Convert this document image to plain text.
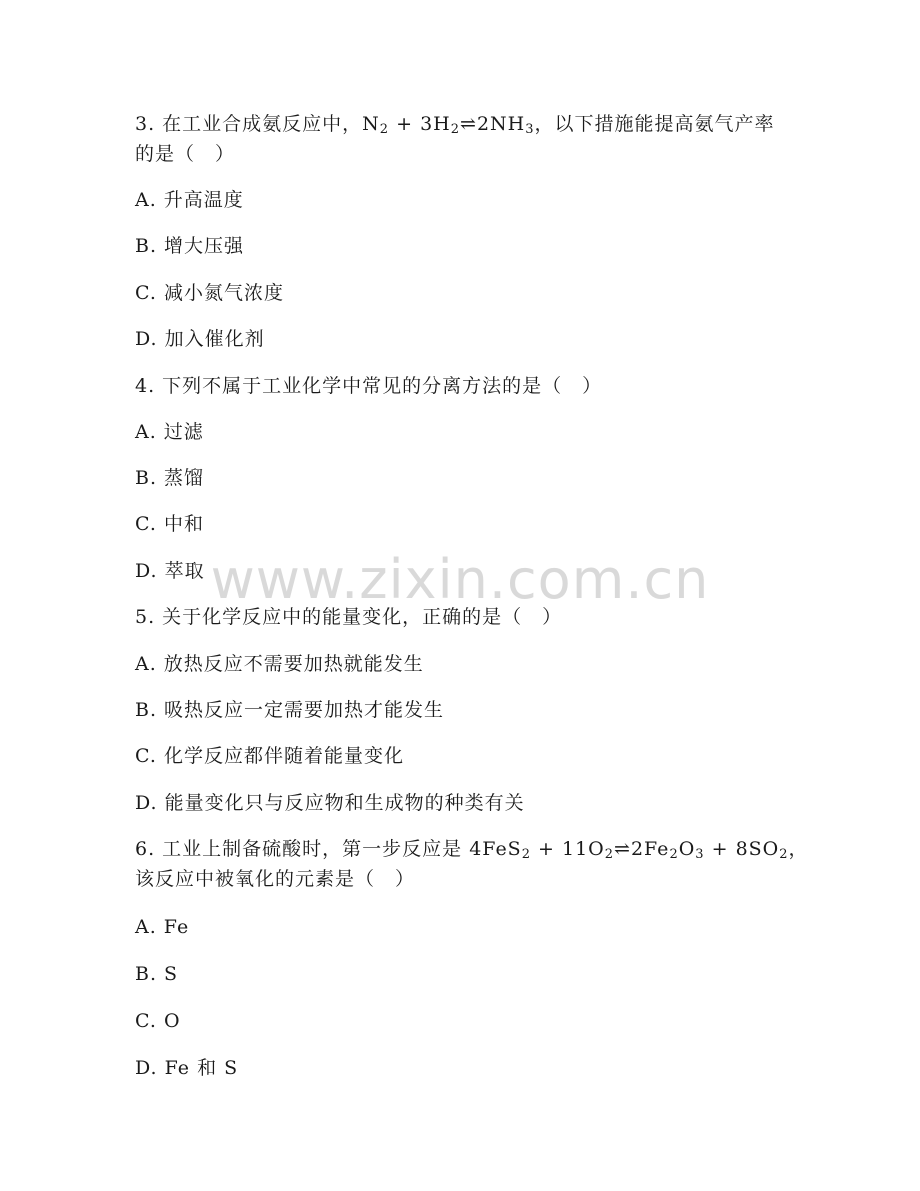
3. 在工业合成氨反应中，$N_2$ + $3H_2\rightleftharpoons 2NH_3$，以下措施能提高氨气产率
的是（　）
A. 升高温度
B. 增大压强
C. 减小氮气浓度
D. 加入催化剂
4. 下列不属于工业化学中常见的分离方法的是（　）
A. 过滤
B. 蒸馏
C. 中和
D. 萃取
5. 关于化学反应中的能量变化，正确的是（　）
A. 放热反应不需要加热就能发生
B. 吸热反应一定需要加热才能发生
C. 化学反应都伴随着能量变化
D. 能量变化只与反应物和生成物的种类有关
6. 工业上制备硫酸时，第一步反应是 $4FeS_2 + 11O_2\rightleftharpoons 2Fe_2O_3 + 8SO_2$，
该反应中被氧化的元素是（　）
A. Fe
B. S
C. O
D. Fe 和 S
www.zixin.com.cn
